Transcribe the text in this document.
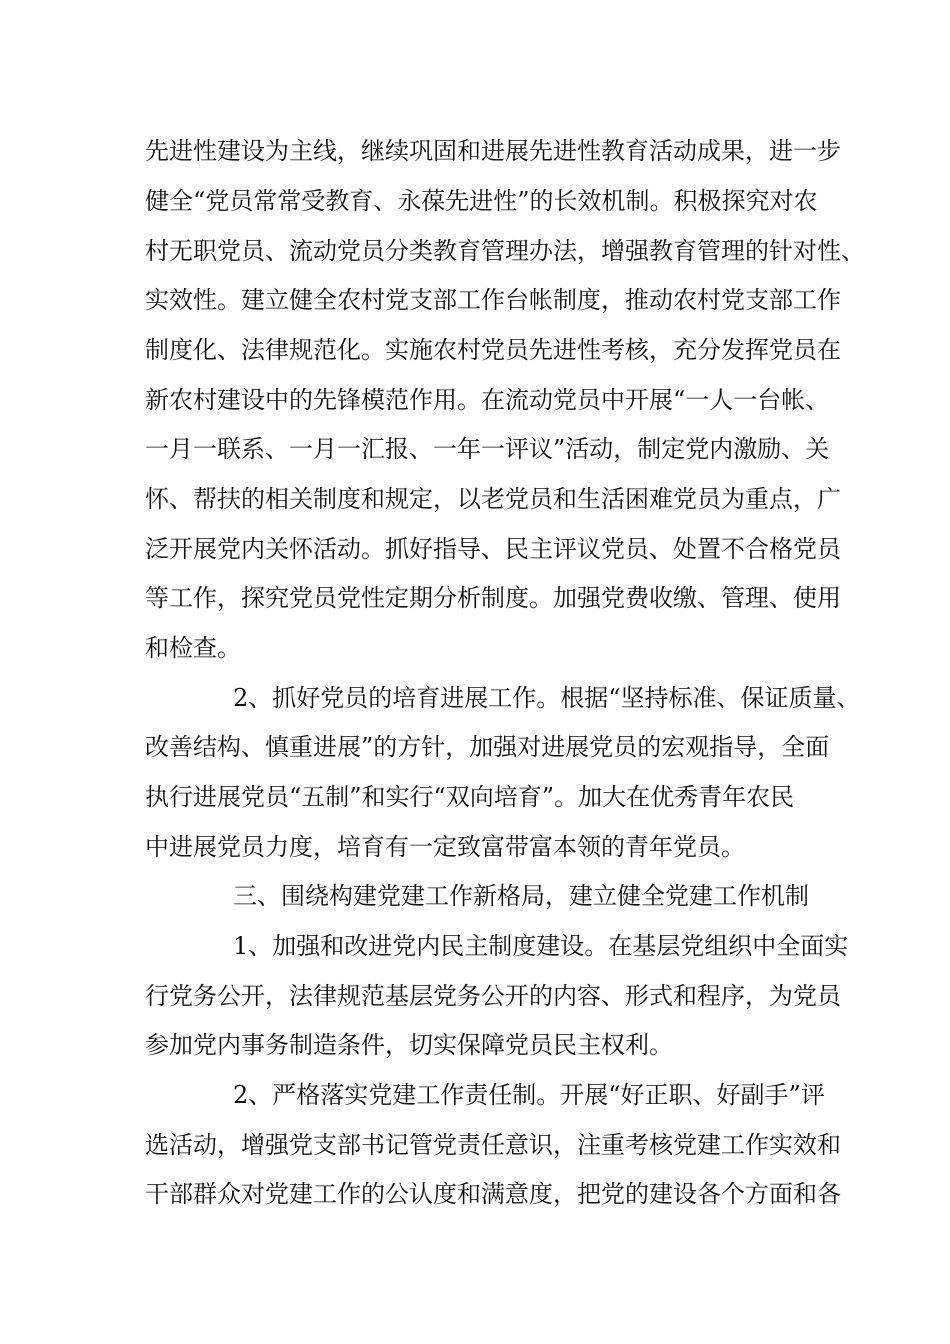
先进性建设为主线，继续巩固和进展先进性教育活动成果，进一步
健全“党员常常受教育、永葆先进性”的长效机制。积极探究对农
村无职党员、流动党员分类教育管理办法，增强教育管理的针对性、
实效性。建立健全农村党支部工作台帐制度，推动农村党支部工作
制度化、法律规范化。实施农村党员先进性考核，充分发挥党员在
新农村建设中的先锋模范作用。在流动党员中开展“一人一台帐、
一月一联系、一月一汇报、一年一评议”活动，制定党内激励、关
怀、帮扶的相关制度和规定，以老党员和生活困难党员为重点，广
泛开展党内关怀活动。抓好指导、民主评议党员、处置不合格党员
等工作，探究党员党性定期分析制度。加强党费收缴、管理、使用
和检查。
2、抓好党员的培育进展工作。根据“坚持标准、保证质量、
改善结构、慎重进展”的方针，加强对进展党员的宏观指导，全面
执行进展党员“五制”和实行“双向培育”。加大在优秀青年农民
中进展党员力度，培育有一定致富带富本领的青年党员。
三、围绕构建党建工作新格局，建立健全党建工作机制
1、加强和改进党内民主制度建设。在基层党组织中全面实
行党务公开，法律规范基层党务公开的内容、形式和程序，为党员
参加党内事务制造条件，切实保障党员民主权利。
2、严格落实党建工作责任制。开展“好正职、好副手”评
选活动，增强党支部书记管党责任意识，注重考核党建工作实效和
干部群众对党建工作的公认度和满意度，把党的建设各个方面和各
